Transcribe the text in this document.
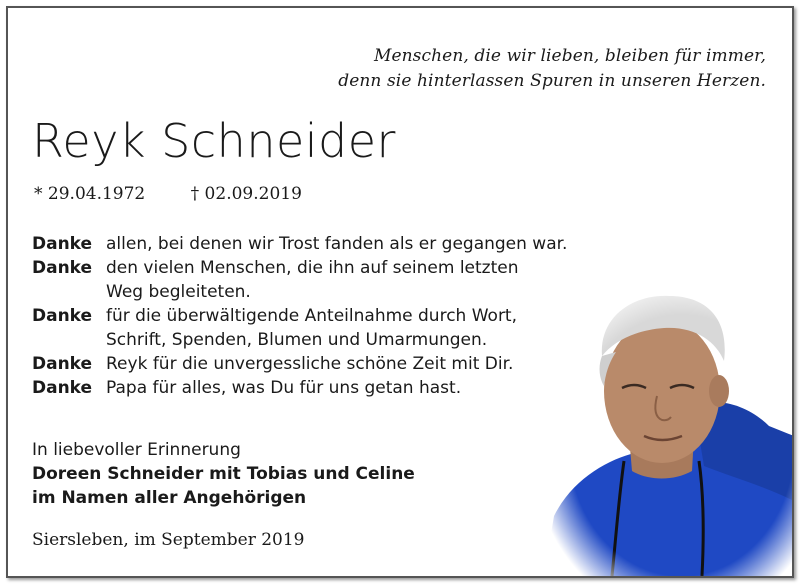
Menschen, die wir lieben, bleiben für immer,
denn sie hinterlassen Spuren in unseren Herzen.
Reyk Schneider
* 29.04.1972	† 02.09.2019
Danke allen, bei denen wir Trost fanden als er gegangen war.
Danke den vielen Menschen, die ihn auf seinem letzten
Weg begleiteten.
Danke für die überwältigende Anteilnahme durch Wort,
Schrift, Spenden, Blumen und Umarmungen.
Danke Reyk für die unvergessliche schöne Zeit mit Dir.
Danke Papa für alles, was Du für uns getan hast.
In liebevoller Erinnerung
Doreen Schneider mit Tobias und Celine
im Namen aller Angehörigen
Siersleben, im September 2019
